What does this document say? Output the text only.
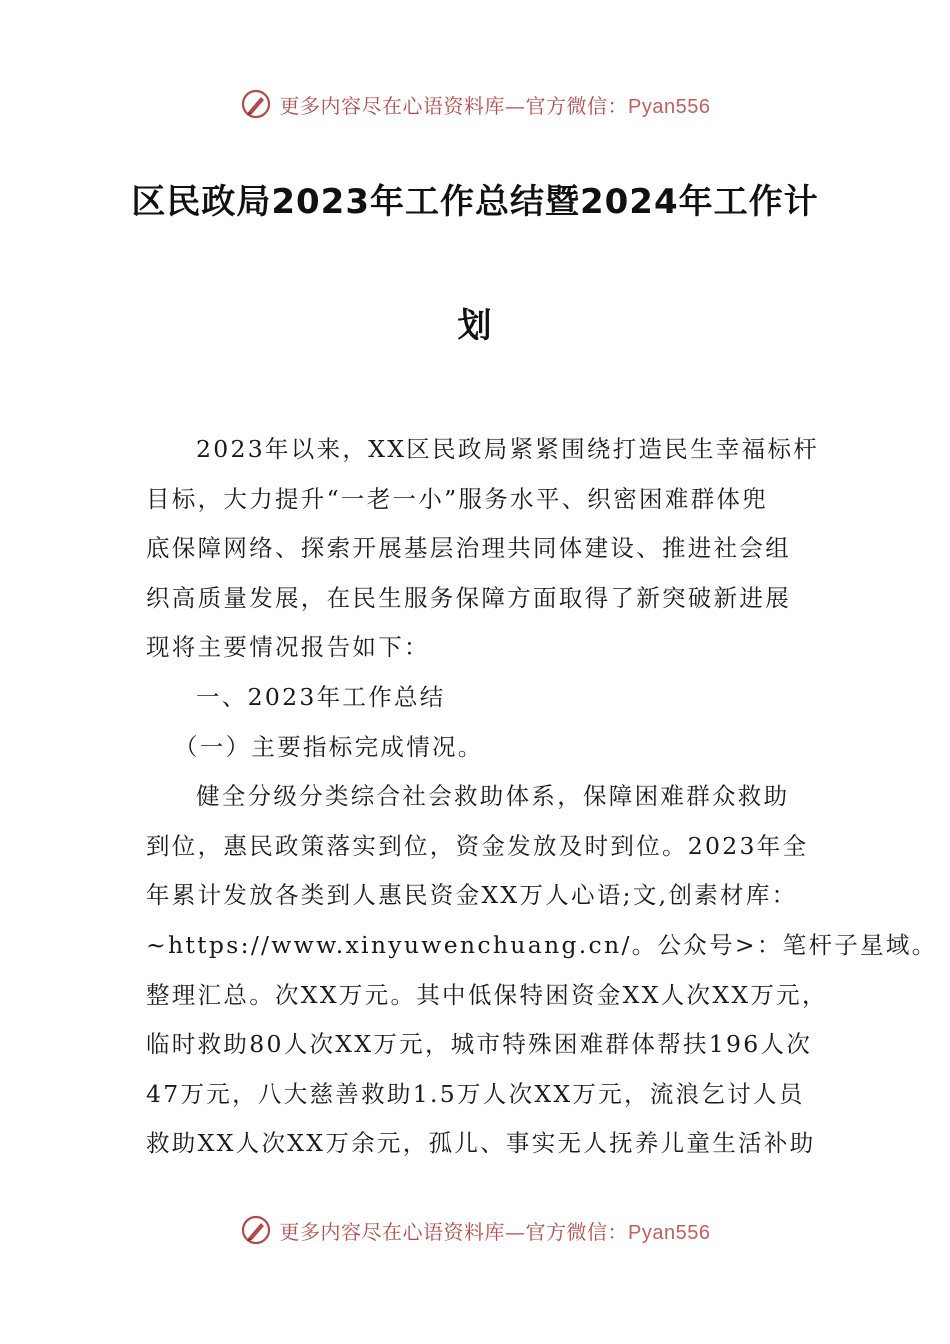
更多内容尽在心语资料库—官方微信：Pyan556
区民政局2023年工作总结暨2024年工作计
划
2023年以来，XX区民政局紧紧围绕打造民生幸福标杆
目标，大力提升“一老一小”服务水平、织密困难群体兜
底保障网络、探索开展基层治理共同体建设、推进社会组
织高质量发展，在民生服务保障方面取得了新突破新进展
现将主要情况报告如下：
一、2023年工作总结
（一）主要指标完成情况。
健全分级分类综合社会救助体系，保障困难群众救助
到位，惠民政策落实到位，资金发放及时到位。2023年全
年累计发放各类到人惠民资金XX万人心语;文,创素材库：
~https://www.xinyuwenchuang.cn/。公众号>：笔杆子星域。
整理汇总。次XX万元。其中低保特困资金XX人次XX万元，
临时救助80人次XX万元，城市特殊困难群体帮扶196人次
47万元，八大慈善救助1.5万人次XX万元，流浪乞讨人员
救助XX人次XX万余元，孤儿、事实无人抚养儿童生活补助
更多内容尽在心语资料库—官方微信：Pyan556
